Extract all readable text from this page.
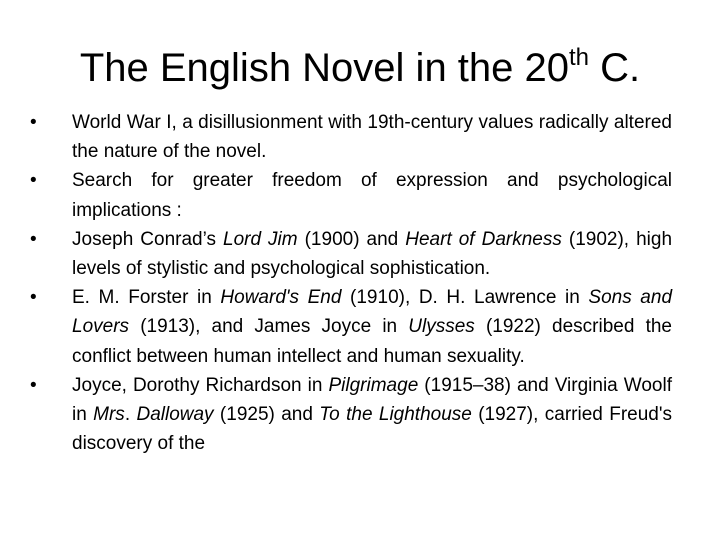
The English Novel in the 20th C.
•	World War I, a disillusionment with 19th-century values radically altered the nature of the novel.
•	Search for greater freedom of expression and psychological implications :
•	Joseph Conrad’s Lord Jim (1900) and Heart of Darkness (1902), high levels of stylistic and psychological sophistication.
•	E. M. Forster in Howard's End (1910), D. H. Lawrence in Sons and Lovers (1913), and James Joyce in Ulysses (1922) described the conflict between human intellect and human sexuality.
•	Joyce, Dorothy Richardson in Pilgrimage (1915–38) and Virginia Woolf in Mrs. Dalloway (1925) and To the Lighthouse (1927), carried Freud's discovery of the
